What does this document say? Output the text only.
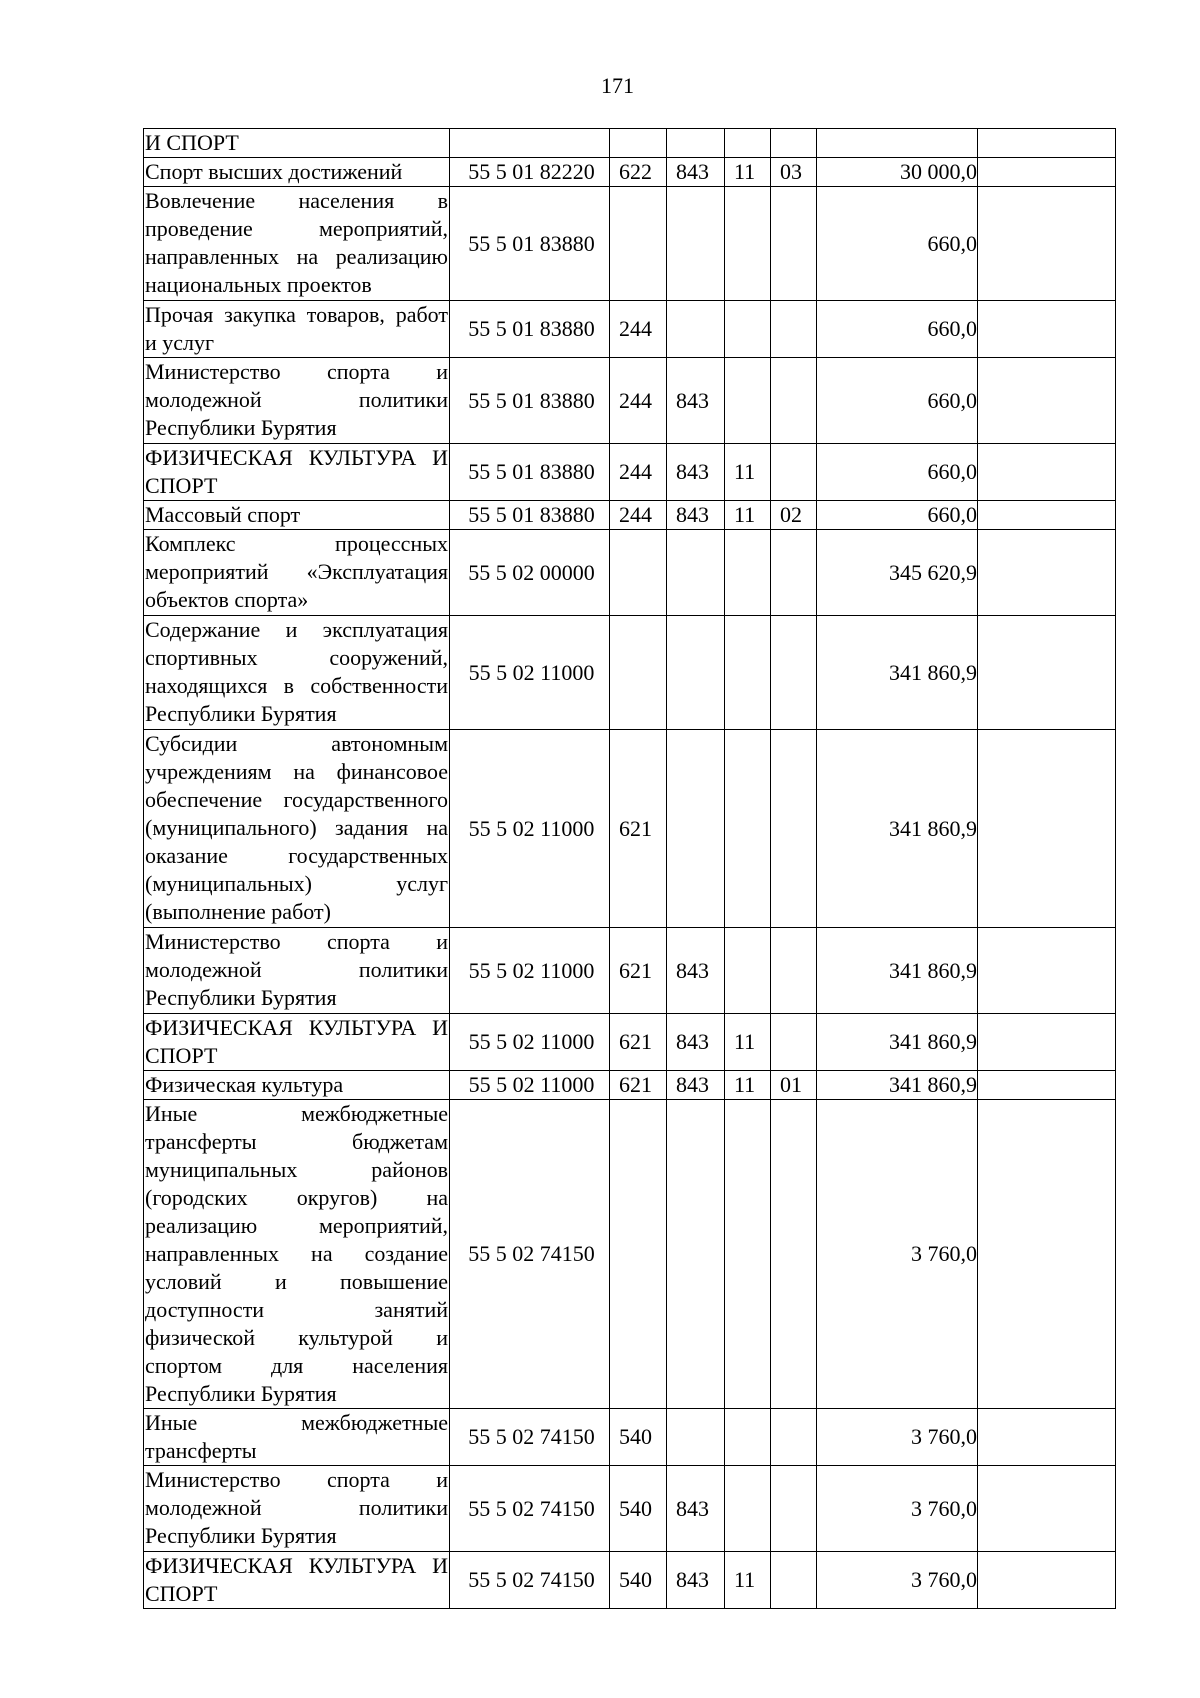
171
И СПОРТ							
Спорт высших достижений	55 5 01 82220	622	843	11	03	30 000,0	
Вовлечение населения в проведение мероприятий, направленных на реализацию национальных проектов	55 5 01 83880					660,0	
Прочая закупка товаров, работ и услуг	55 5 01 83880	244				660,0	
Министерство спорта и молодежной политики Республики Бурятия	55 5 01 83880	244	843			660,0	
ФИЗИЧЕСКАЯ КУЛЬТУРА И СПОРТ	55 5 01 83880	244	843	11		660,0	
Массовый спорт	55 5 01 83880	244	843	11	02	660,0	
Комплекс процессных мероприятий «Эксплуатация объектов спорта»	55 5 02 00000					345 620,9	
Содержание и эксплуатация спортивных сооружений, находящихся в собственности Республики Бурятия	55 5 02 11000					341 860,9	
Субсидии автономным учреждениям на финансовое обеспечение государственного (муниципального) задания на оказание государственных (муниципальных) услуг (выполнение работ)	55 5 02 11000	621				341 860,9	
Министерство спорта и молодежной политики Республики Бурятия	55 5 02 11000	621	843			341 860,9	
ФИЗИЧЕСКАЯ КУЛЬТУРА И СПОРТ	55 5 02 11000	621	843	11		341 860,9	
Физическая культура	55 5 02 11000	621	843	11	01	341 860,9	
Иные межбюджетные трансферты бюджетам муниципальных районов (городских округов) на реализацию мероприятий, направленных на создание условий и повышение доступности занятий физической культурой и спортом для населения Республики Бурятия	55 5 02 74150					3 760,0	
Иные межбюджетные трансферты	55 5 02 74150	540				3 760,0	
Министерство спорта и молодежной политики Республики Бурятия	55 5 02 74150	540	843			3 760,0	
ФИЗИЧЕСКАЯ КУЛЬТУРА И СПОРТ	55 5 02 74150	540	843	11		3 760,0	
